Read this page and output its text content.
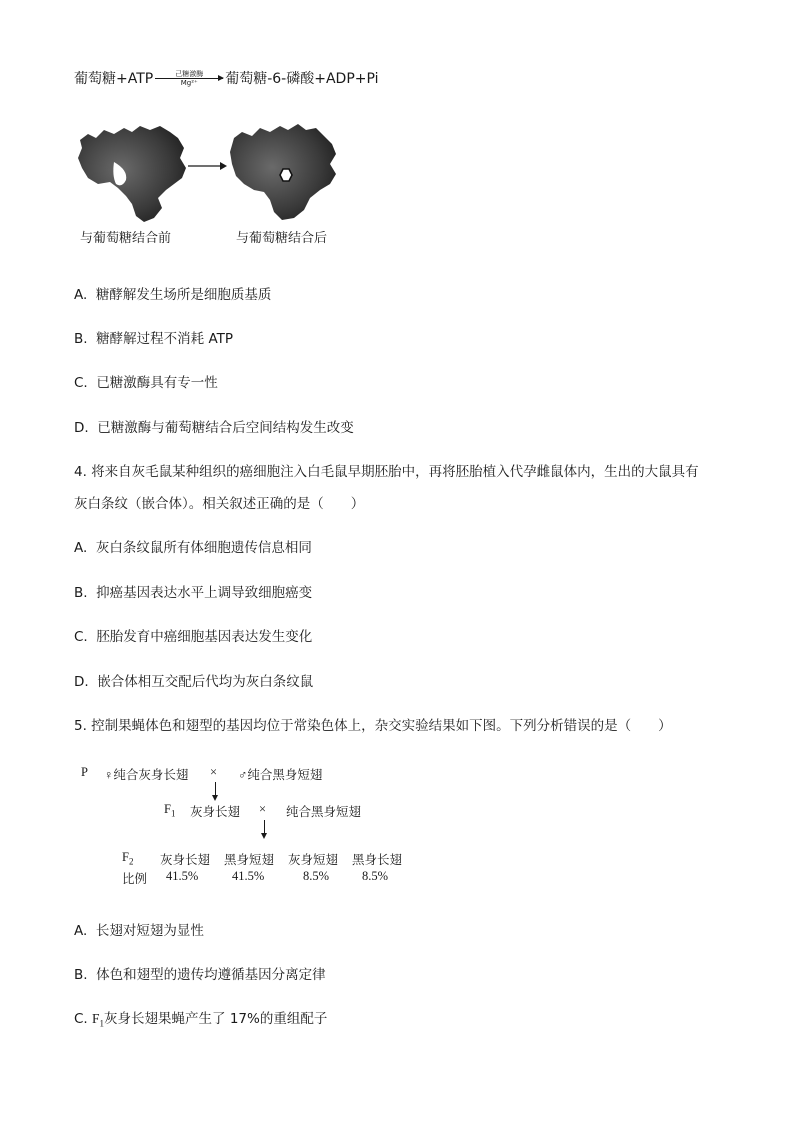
葡萄糖+ATP	己糖激酶
Mg²⁺ 葡萄糖-6-磷酸+ADP+Pi
与葡萄糖结合前	与葡萄糖结合后
A. 糖酵解发生场所是细胞质基质
B. 糖酵解过程不消耗 ATP
C. 已糖激酶具有专一性
D. 已糖激酶与葡萄糖结合后空间结构发生改变
4. 将来自灰毛鼠某种组织的癌细胞注入白毛鼠早期胚胎中，再将胚胎植入代孕雌鼠体内，生出的大鼠具有
灰白条纹（嵌合体）。相关叙述正确的是（　　）
A. 灰白条纹鼠所有体细胞遗传信息相同
B. 抑癌基因表达水平上调导致细胞癌变
C. 胚胎发育中癌细胞基因表达发生变化
D. 嵌合体相互交配后代均为灰白条纹鼠
5. 控制果蝇体色和翅型的基因均位于常染色体上，杂交实验结果如下图。下列分析错误的是（　　）
P ♀纯合灰身长翅 × ♂纯合黑身短翅
$F_1$ 灰身长翅 × 纯合黑身短翅
$F_2$ 灰身长翅 黑身短翅 灰身短翅 黑身长翅
比例 41.5%	41.5%	8.5%	8.5%
A. 长翅对短翅为显性
B. 体色和翅型的遗传均遵循基因分离定律
C. $F_1$灰身长翅果蝇产生了 17%的重组配子
